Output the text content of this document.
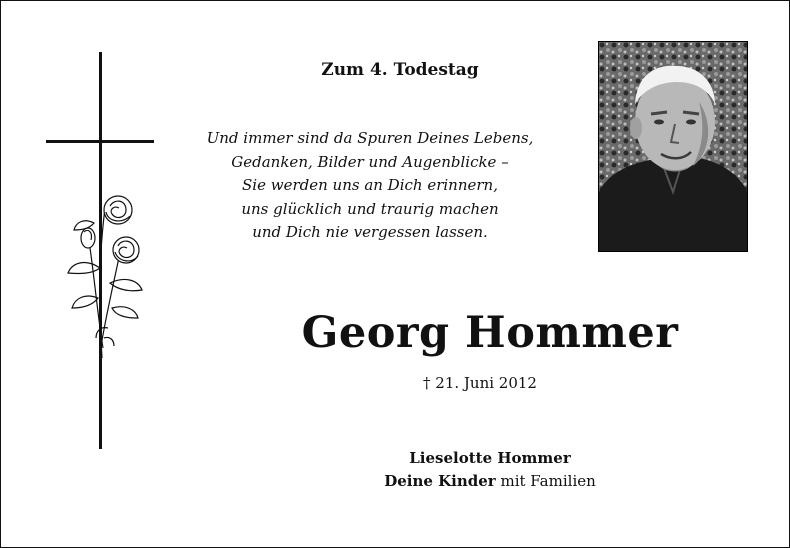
Zum 4. Todestag
Und immer sind da Spuren Deines Lebens,
Gedanken, Bilder und Augenblicke –
Sie werden uns an Dich erinnern,
uns glücklich und traurig machen
und Dich nie vergessen lassen.
Georg Hommer
† 21. Juni 2012
Lieselotte Hommer
Deine Kinder mit Familien
